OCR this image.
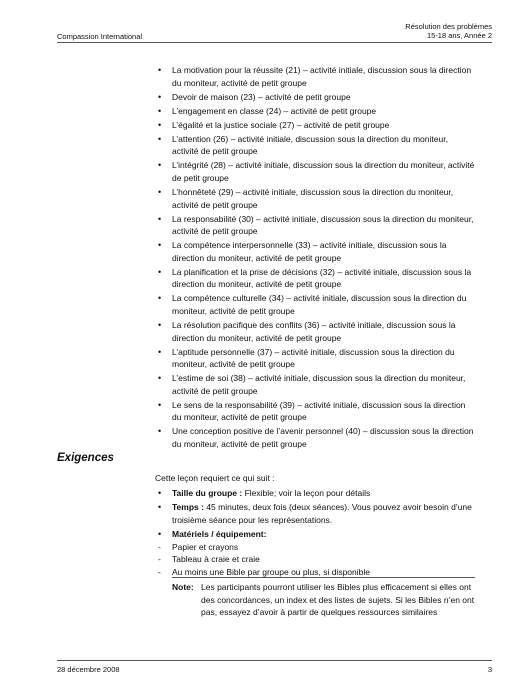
Compassion International
Résolution des problèmes
15-18 ans, Année 2
• La motivation pour la réussite (21) – activité initiale, discussion sous la direction du moniteur, activité de petit groupe
• Devoir de maison (23) – activité de petit groupe
• L’engagement en classe (24) – activité de petit groupe
• L’égalité et la justice sociale (27) – activité de petit groupe
• L’attention (26) – activité initiale, discussion sous la direction du moniteur, activité de petit groupe
• L’intégrité (28) – activité initiale, discussion sous la direction du moniteur, activité de petit groupe
• L’honnêteté (29) – activité initiale, discussion sous la direction du moniteur, activité de petit groupe
• La responsabilité (30) – activité initiale, discussion sous la direction du moniteur, activité de petit groupe
• La compétence interpersonnelle (33) – activité initiale, discussion sous la direction du moniteur, activité de petit groupe
• La planification et la prise de décisions (32) – activité initiale, discussion sous la direction du moniteur, activité de petit groupe
• La compétence culturelle (34) – activité initiale, discussion sous la direction du moniteur, activité de petit groupe
• La résolution pacifique des conflits (36) – activité initiale, discussion sous la direction du moniteur, activité de petit groupe
• L’aptitude personnelle (37) – activité initiale, discussion sous la direction du moniteur, activité de petit groupe
• L’estime de soi (38) – activité initiale, discussion sous la direction du moniteur, activité de petit groupe
• Le sens de la responsabilité (39) – activité initiale, discussion sous la direction du moniteur, activité de petit groupe
• Une conception positive de l’avenir personnel (40) – discussion sous la direction du moniteur, activité de petit groupe
Exigences
Cette leçon requiert ce qui suit :
• Taille du groupe : Flexible; voir la leçon pour détails
• Temps : 45 minutes, deux fois (deux séances). Vous pouvez avoir besoin d’une troisième séance pour les représentations.
• Matériels / équipement:
- Papier et crayons
- Tableau à craie et craie
- Au moins une Bible par groupe ou plus, si disponible
Note: Les participants pourront utiliser les Bibles plus efficacement si elles ont des concordances, un index et des listes de sujets. Si les Bibles n’en ont pas, essayez d’avoir à partir de quelques ressources similaires
28 décembre 2008	3
